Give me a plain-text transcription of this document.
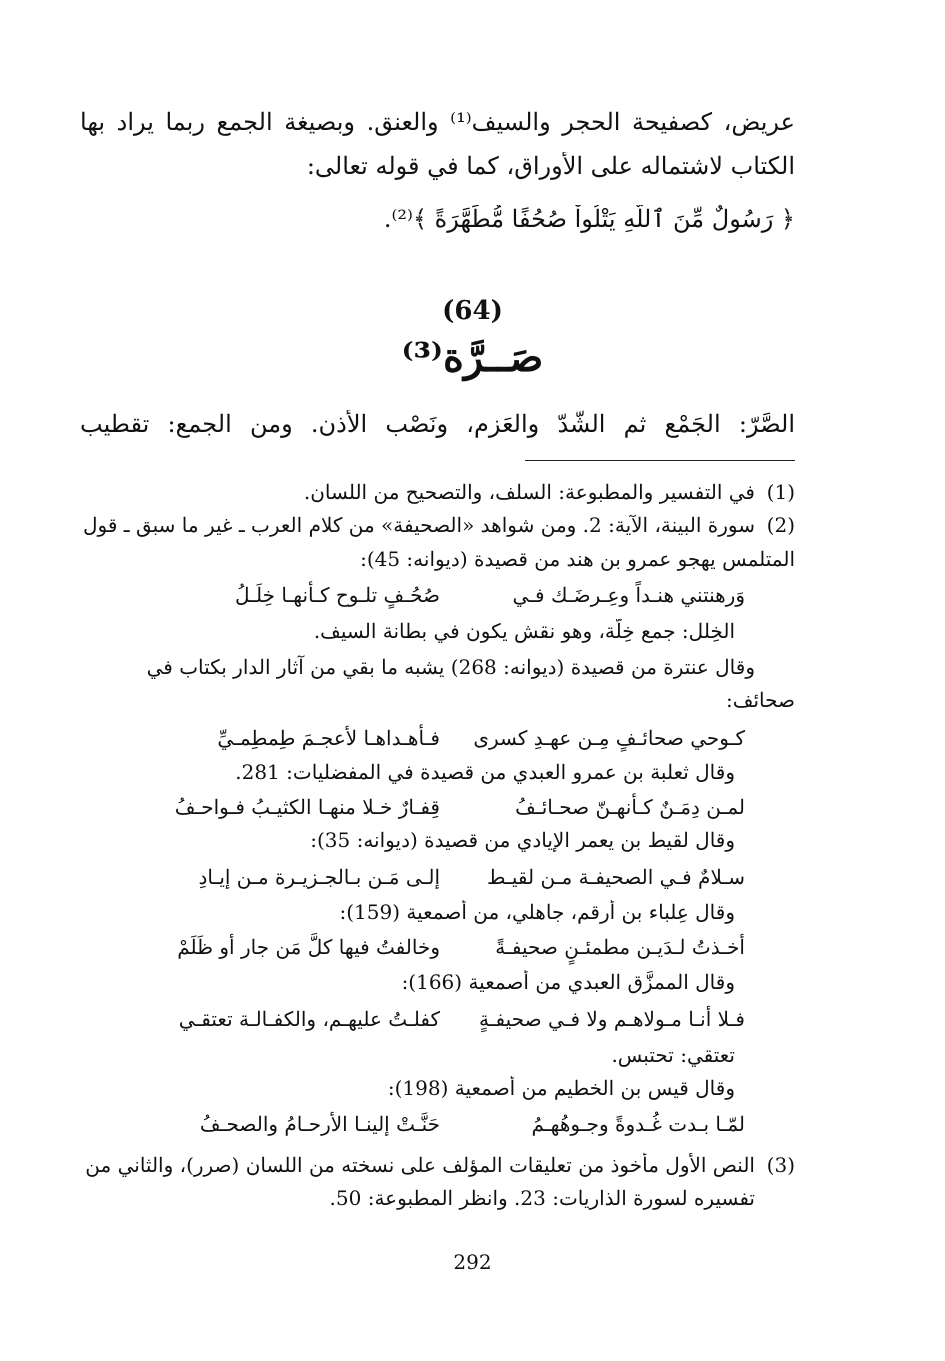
عريض، كصفيحة الحجر والسيف⁽¹⁾ والعنق. وبصيغة الجمع ربما يراد بها
الكتاب لاشتماله على الأوراق، كما في قوله تعالى:
﴿ رَسُولٌ مِّنَ ٱللَّهِ يَتْلُواْ صُحُفًا مُّطَهَّرَةً ﴾⁽²⁾.
(64)
صَــرَّة⁽³⁾
الصَّرّ: الجَمْع ثم الشَّدّ والعَزم، ونَصْب الأذن. ومن الجمع: تقطيب
(1)
في التفسير والمطبوعة: السلف، والتصحيح من اللسان.
(2)
سورة البينة، الآية: 2. ومن شواهد «الصحيفة» من كلام العرب ـ غير ما سبق ـ قول
المتلمس يهجو عمرو بن هند من قصيدة (ديوانه: 45):
وَرهنتني هنـداً وعِـرضَـك فـي
صُحُـفٍ تلـوح كـأنهـا خِلَـلُ
الخِلل: جمع خِلَّة، وهو نقش يكون في بطانة السيف.
وقال عنترة من قصيدة (ديوانه: 268) يشبه ما بقي من آثار الدار بكتاب في
صحائف:
كـوحي صحائـفٍ مِـن عهـدِ كسرى
فـأهـداهـا لأعجـمَ طِمطِمـيِّ
وقال ثعلبة بن عمرو العبدي من قصيدة في المفضليات: 281.
لمـن دِمَـنٌ كـأنهـنّ صحـائـفُ
قِفـارٌ خـلا منهـا الكثيـبُ فـواحـفُ
وقال لقيط بن يعمر الإيادي من قصيدة (ديوانه: 35):
سـلامٌ فـي الصحيفـة مـن لقيـط
إلـى مَـن بـالجـزيـرة مـن إيـادِ
وقال عِلباء بن أرقم، جاهلي، من أصمعية (159):
أخـذتُ لـدَيـن مطمئـنٍ صحيفـةً
وخالفتُ فيها كلَّ مَن جار أو ظَلَمْ
وقال الممزَّق العبدي من أصمعية (166):
فـلا أنـا مـولاهـم ولا فـي صحيفـةٍ
كفلـتُ عليهـم، والكفـالـة تعتقـي
تعتقي: تحتبس.
وقال قيس بن الخطيم من أصمعية (198):
لمّـا بـدت غُـدوةً وجـوهُهـمُ
حَنَّـتْ إلينـا الأرحـامُ والصحـفُ
(3)
النص الأول مأخوذ من تعليقات المؤلف على نسخته من اللسان (صرر)، والثاني من
تفسيره لسورة الذاريات: 23. وانظر المطبوعة: 50.
292
